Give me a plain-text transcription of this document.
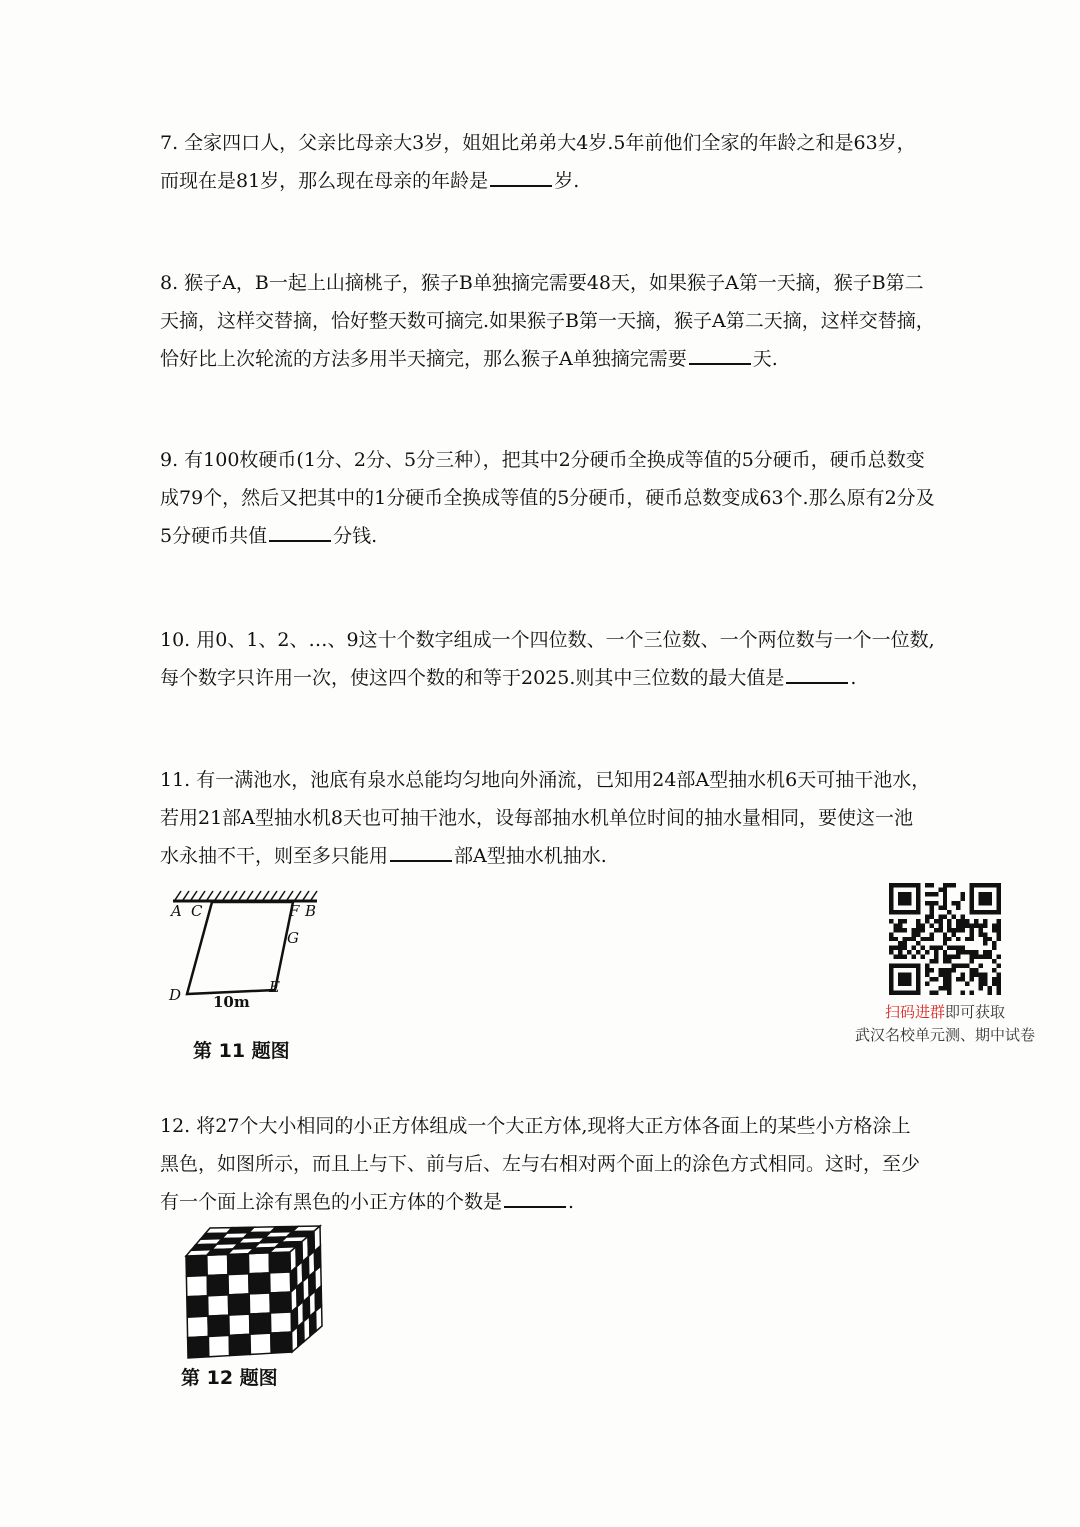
7. 全家四口人，父亲比母亲大3岁，姐姐比弟弟大4岁.5年前他们全家的年龄之和是63岁，

而现在是81岁，那么现在母亲的年龄是	岁.

8. 猴子A，B一起上山摘桃子，猴子B单独摘完需要48天，如果猴子A第一天摘，猴子B第二

天摘，这样交替摘，恰好整天数可摘完.如果猴子B第一天摘，猴子A第二天摘，这样交替摘，

恰好比上次轮流的方法多用半天摘完，那么猴子A单独摘完需要	天.

9. 有100枚硬币(1分、2分、5分三种），把其中2分硬币全换成等值的5分硬币，硬币总数变

成79个，然后又把其中的1分硬币全换成等值的5分硬币，硬币总数变成63个.那么原有2分及

5分硬币共值	分钱.

10. 用0、1、2、…、9这十个数字组成一个四位数、一个三位数、一个两位数与一个一位数,

每个数字只许用一次，使这四个数的和等于2025.则其中三位数的最大值是	.

11. 有一满池水，池底有泉水总能均匀地向外涌流，已知用24部A型抽水机6天可抽干池水，

若用21部A型抽水机8天也可抽干池水，设每部抽水机单位时间的抽水量相同，要使这一池

水永抽不干，则至多只能用	部A型抽水机抽水.

12. 将27个大小相同的小正方体组成一个大正方体,现将大正方体各面上的某些小方格涂上

黑色，如图所示，而且上与下、前与后、左与右相对两个面上的涂色方式相同。这时，至少

有一个面上涂有黑色的小正方体的个数是	.

A C	F B
G
D	E
10m
第 11 题图
第 12 题图
扫码进群即可获取
武汉名校单元测、期中试卷
